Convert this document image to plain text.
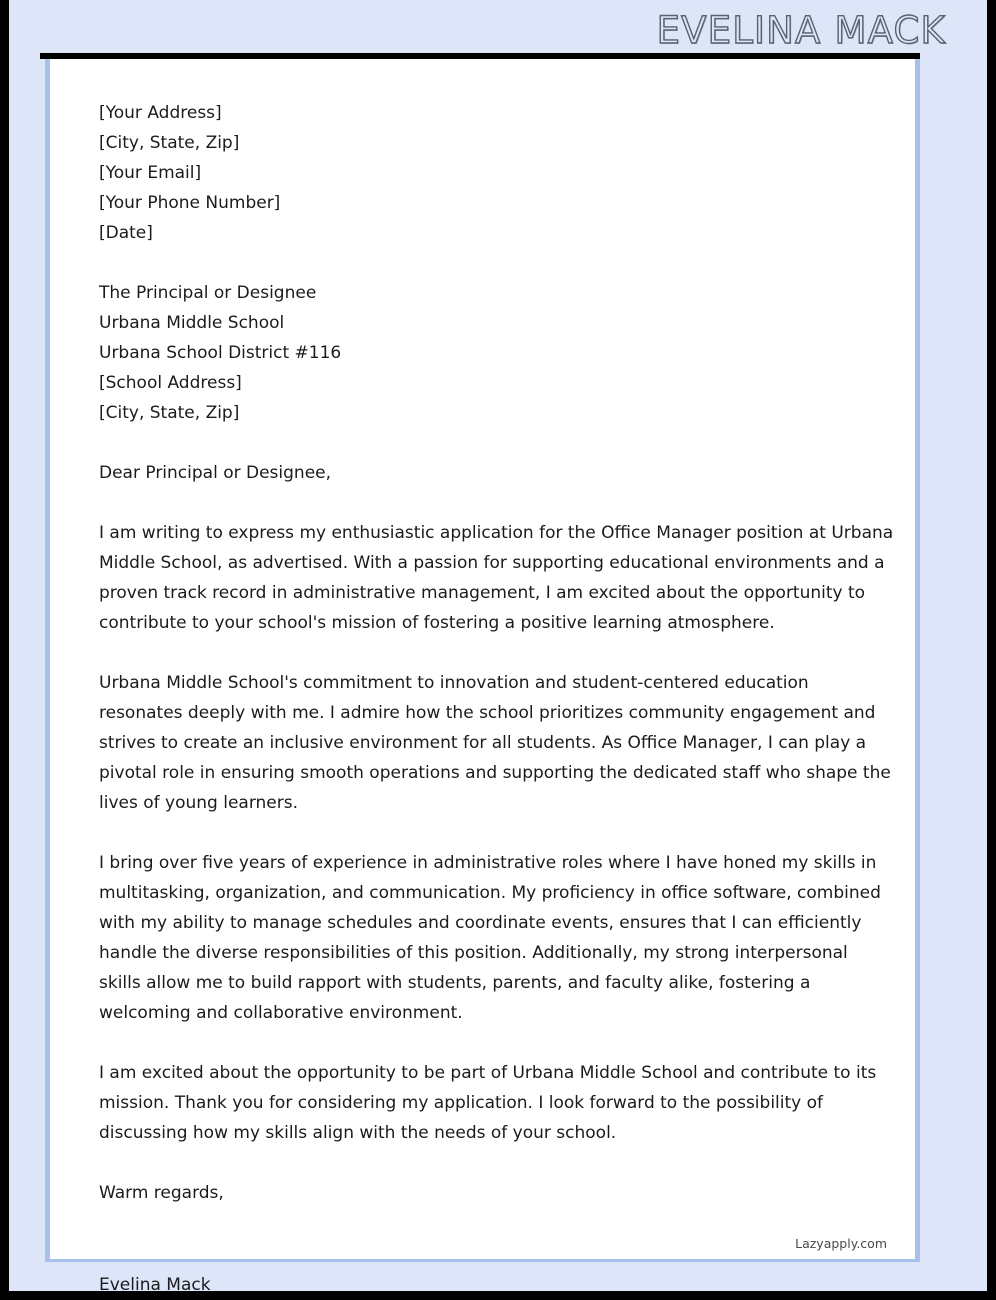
EVELINA MACK
[Your Address]
[City, State, Zip]
[Your Email]
[Your Phone Number]
[Date]
The Principal or Designee
Urbana Middle School
Urbana School District #116
[School Address]
[City, State, Zip]

Dear Principal or Designee,

I am writing to express my enthusiastic application for the Office Manager position at Urbana Middle School, as advertised. With a passion for supporting educational environments and a proven track record in administrative management, I am excited about the opportunity to contribute to your school's mission of fostering a positive learning atmosphere.

Urbana Middle School's commitment to innovation and student-centered education resonates deeply with me. I admire how the school prioritizes community engagement and strives to create an inclusive environment for all students. As Office Manager, I can play a pivotal role in ensuring smooth operations and supporting the dedicated staff who shape the lives of young learners.

I bring over five years of experience in administrative roles where I have honed my skills in multitasking, organization, and communication. My proficiency in office software, combined with my ability to manage schedules and coordinate events, ensures that I can efficiently handle the diverse responsibilities of this position. Additionally, my strong interpersonal skills allow me to build rapport with students, parents, and faculty alike, fostering a welcoming and collaborative environment.

I am excited about the opportunity to be part of Urbana Middle School and contribute to its mission. Thank you for considering my application. I look forward to the possibility of discussing how my skills align with the needs of your school.

Warm regards,

Lazyapply.com
Evelina Mack
